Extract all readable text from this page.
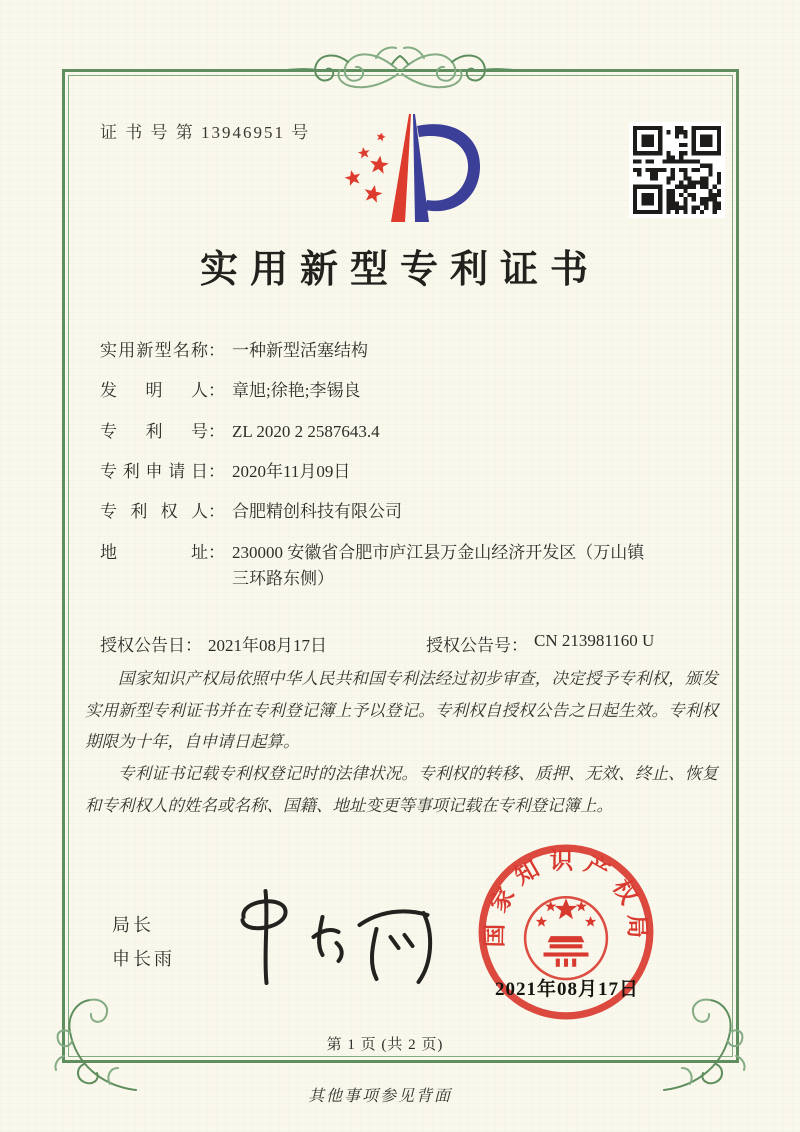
证 书 号 第 13946951 号
实用新型专利证书
实用新型名称 ： 一种新型活塞结构
发明人 ： 章旭;徐艳;李锡良
专利号 ： ZL 2020 2 2587643.4
专利申请日 ： 2020年11月09日
专利权人 ： 合肥精创科技有限公司
地址 ： 230000 安徽省合肥市庐江县万金山经济开发区（万山镇三环路东侧）
授权公告日 ： 2021年08月17日	授权公告号 ： CN 213981160 U

国家知识产权局依照中华人民共和国专利法经过初步审查，决定授予专利权，颁发实用新型专利证书并在专利登记簿上予以登记。专利权自授权公告之日起生效。专利权期限为十年，自申请日起算。

专利证书记载专利权登记时的法律状况。专利权的转移、质押、无效、终止、恢复和专利权人的姓名或名称、国籍、地址变更等事项记载在专利登记簿上。

局长
申长雨
国家知识产权局
2021年08月17日
第 1 页 (共 2 页)
其他事项参见背面
